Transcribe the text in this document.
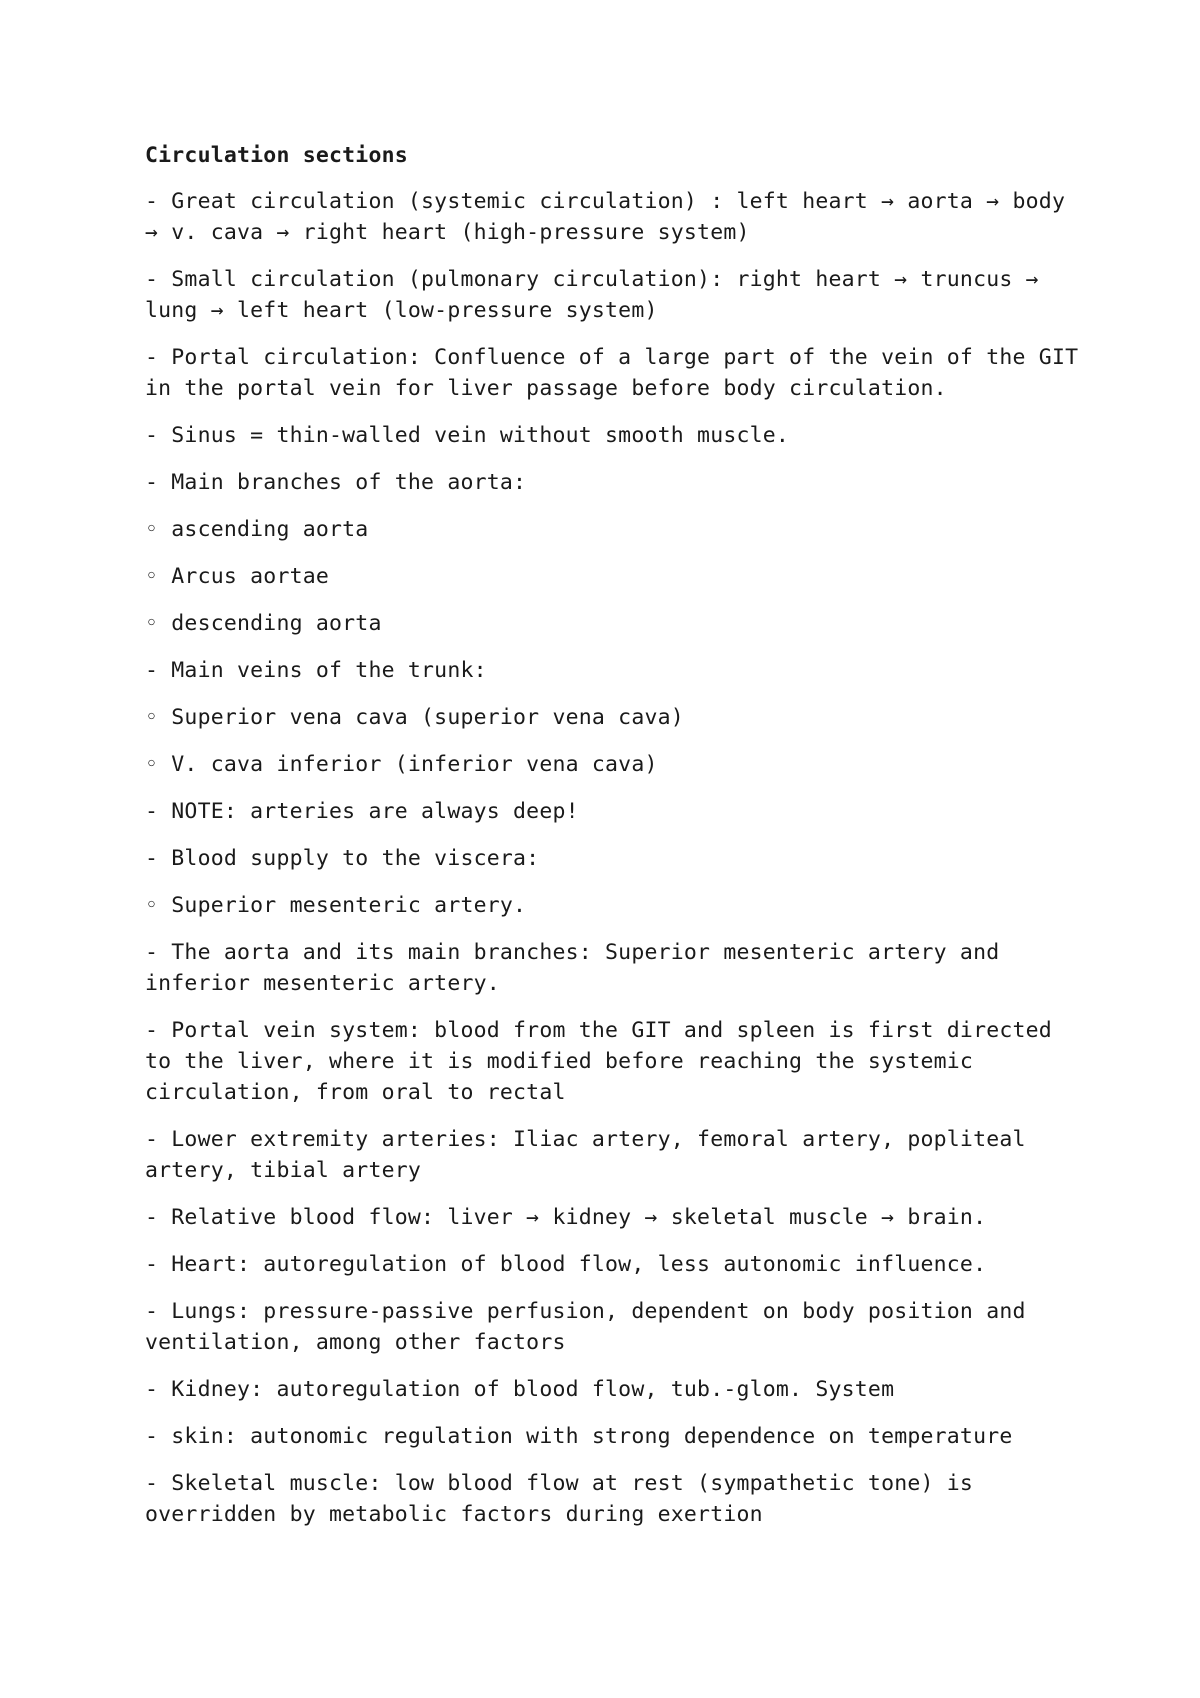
Circulation sections

- Great circulation (systemic circulation) : left heart → aorta → body → v. cava → right heart (high-pressure system)

- Small circulation (pulmonary circulation): right heart → truncus → lung → left heart (low-pressure system)

- Portal circulation: Confluence of a large part of the vein of the GIT in the portal vein for liver passage before body circulation.

- Sinus = thin-walled vein without smooth muscle.

- Main branches of the aorta:

◦ ascending aorta

◦ Arcus aortae

◦ descending aorta

- Main veins of the trunk:

◦ Superior vena cava (superior vena cava)

◦ V. cava inferior (inferior vena cava)

- NOTE: arteries are always deep!

- Blood supply to the viscera:

◦ Superior mesenteric artery.

- The aorta and its main branches: Superior mesenteric artery and inferior mesenteric artery.

- Portal vein system: blood from the GIT and spleen is first directed to the liver, where it is modified before reaching the systemic circulation, from oral to rectal

- Lower extremity arteries: Iliac artery, femoral artery, popliteal artery, tibial artery

- Relative blood flow: liver → kidney → skeletal muscle → brain.

- Heart: autoregulation of blood flow, less autonomic influence.

- Lungs: pressure-passive perfusion, dependent on body position and ventilation, among other factors

- Kidney: autoregulation of blood flow, tub.-glom. System

- skin: autonomic regulation with strong dependence on temperature

- Skeletal muscle: low blood flow at rest (sympathetic tone) is overridden by metabolic factors during exertion
